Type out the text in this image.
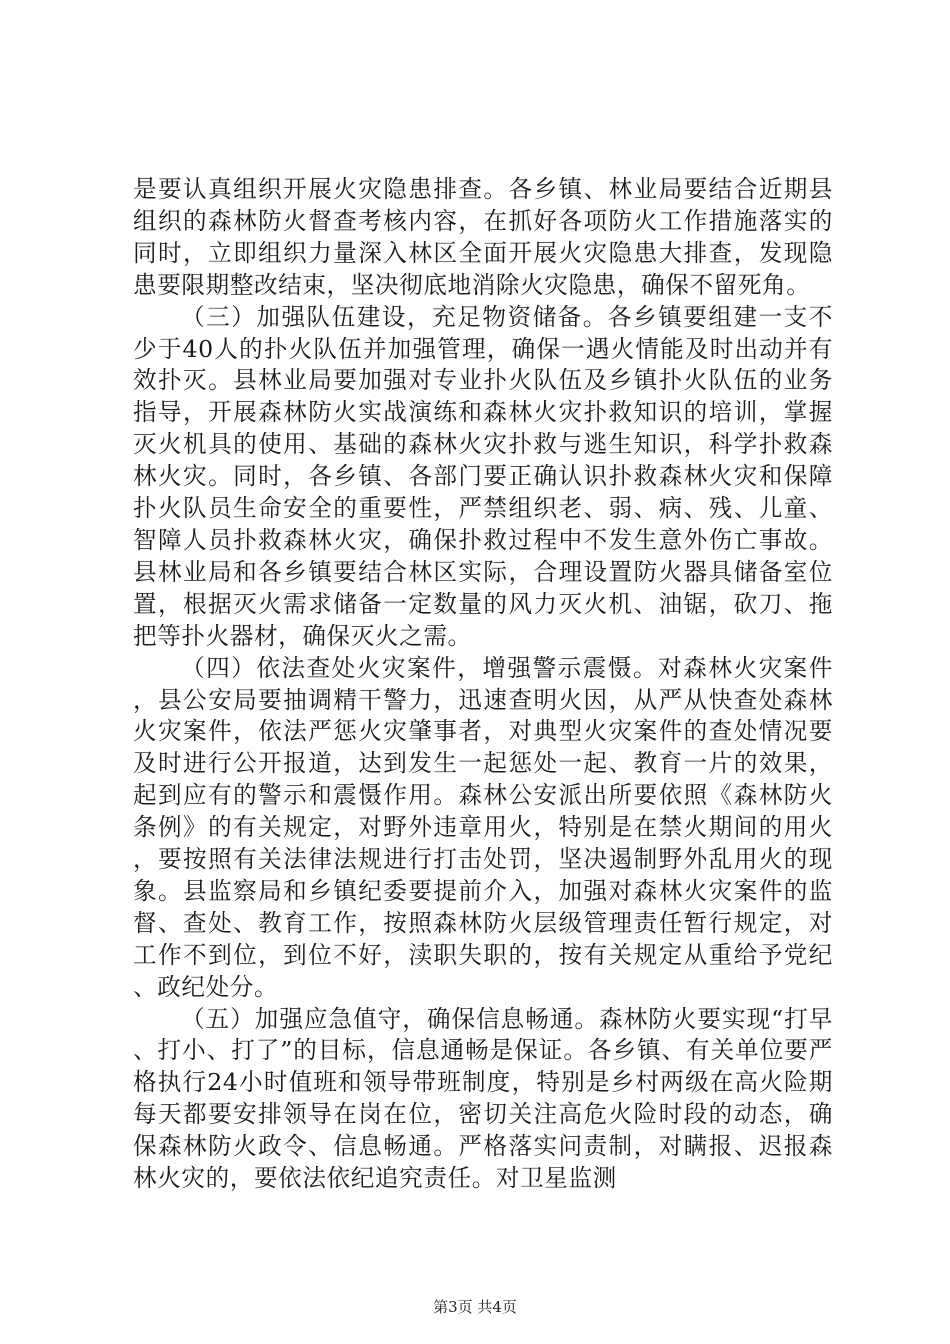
是要认真组织开展火灾隐患排查。各乡镇、林业局要结合近期县组织的森林防火督查考核内容，在抓好各项防火工作措施落实的同时，立即组织力量深入林区全面开展火灾隐患大排查，发现隐患要限期整改结束，坚决彻底地消除火灾隐患，确保不留死角。

（三）加强队伍建设，充足物资储备。各乡镇要组建一支不少于40人的扑火队伍并加强管理，确保一遇火情能及时出动并有效扑灭。县林业局要加强对专业扑火队伍及乡镇扑火队伍的业务指导，开展森林防火实战演练和森林火灾扑救知识的培训，掌握灭火机具的使用、基础的森林火灾扑救与逃生知识，科学扑救森林火灾。同时，各乡镇、各部门要正确认识扑救森林火灾和保障扑火队员生命安全的重要性，严禁组织老、弱、病、残、儿童、智障人员扑救森林火灾，确保扑救过程中不发生意外伤亡事故。县林业局和各乡镇要结合林区实际，合理设置防火器具储备室位置，根据灭火需求储备一定数量的风力灭火机、油锯，砍刀、拖把等扑火器材，确保灭火之需。

（四）依法查处火灾案件，增强警示震慑。对森林火灾案件，县公安局要抽调精干警力，迅速查明火因，从严从快查处森林火灾案件，依法严惩火灾肇事者，对典型火灾案件的查处情况要及时进行公开报道，达到发生一起惩处一起、教育一片的效果，起到应有的警示和震慑作用。森林公安派出所要依照《森林防火条例》的有关规定，对野外违章用火，特别是在禁火期间的用火，要按照有关法律法规进行打击处罚，坚决遏制野外乱用火的现象。县监察局和乡镇纪委要提前介入，加强对森林火灾案件的监督、查处、教育工作，按照森林防火层级管理责任暂行规定，对工作不到位，到位不好，渎职失职的，按有关规定从重给予党纪、政纪处分。

（五）加强应急值守，确保信息畅通。森林防火要实现“打早、打小、打了”的目标，信息通畅是保证。各乡镇、有关单位要严格执行24小时值班和领导带班制度，特别是乡村两级在高火险期每天都要安排领导在岗在位，密切关注高危火险时段的动态，确保森林防火政令、信息畅通。严格落实问责制，对瞒报、迟报森林火灾的，要依法依纪追究责任。对卫星监测

第3页 共4页
